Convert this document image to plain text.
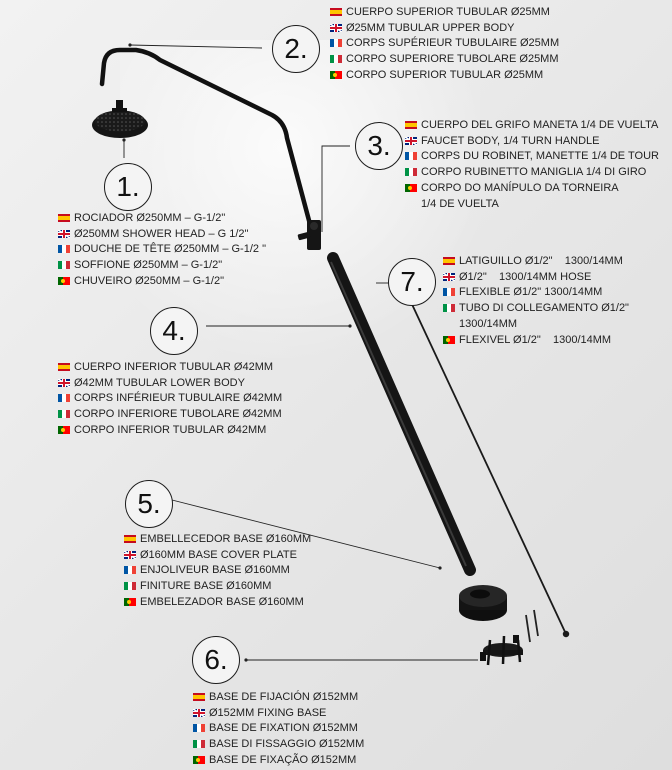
1.
2.
3.
4.
5.
6.
7.
ROCIADOR Ø250MM – G-1/2"
Ø250MM SHOWER HEAD – G 1/2"
DOUCHE DE TÊTE Ø250MM – G-1/2 "
SOFFIONE Ø250MM – G-1/2"
CHUVEIRO Ø250MM – G-1/2"
CUERPO SUPERIOR TUBULAR Ø25MM
Ø25MM TUBULAR UPPER BODY
CORPS SUPÉRIEUR TUBULAIRE Ø25MM
CORPO SUPERIORE TUBOLARE Ø25MM
CORPO SUPERIOR TUBULAR Ø25MM
CUERPO DEL GRIFO MANETA 1/4 DE VUELTA
FAUCET BODY, 1/4 TURN HANDLE
CORPS DU ROBINET, MANETTE 1/4 DE TOUR
CORPO RUBINETTO MANIGLIA 1/4 DI GIRO
CORPO DO MANÍPULO DA TORNEIRA
1/4 DE VUELTA
CUERPO INFERIOR TUBULAR Ø42MM
Ø42MM TUBULAR LOWER BODY
CORPS INFÉRIEUR TUBULAIRE Ø42MM
CORPO INFERIORE TUBOLARE Ø42MM
CORPO INFERIOR TUBULAR Ø42MM
EMBELLECEDOR BASE Ø160MM
Ø160MM BASE COVER PLATE
ENJOLIVEUR BASE Ø160MM
FINITURE BASE Ø160MM
EMBELEZADOR BASE Ø160MM
BASE DE FIJACIÓN Ø152MM
Ø152MM FIXING BASE
BASE DE FIXATION Ø152MM
BASE DI FISSAGGIO Ø152MM
BASE DE FIXAÇÃO Ø152MM
LATIGUILLO Ø1/2"    1300/14MM
Ø1/2"    1300/14MM HOSE
FLEXIBLE Ø1/2" 1300/14MM
TUBO DI COLLEGAMENTO Ø1/2"
1300/14MM
FLEXIVEL Ø1/2"    1300/14MM
